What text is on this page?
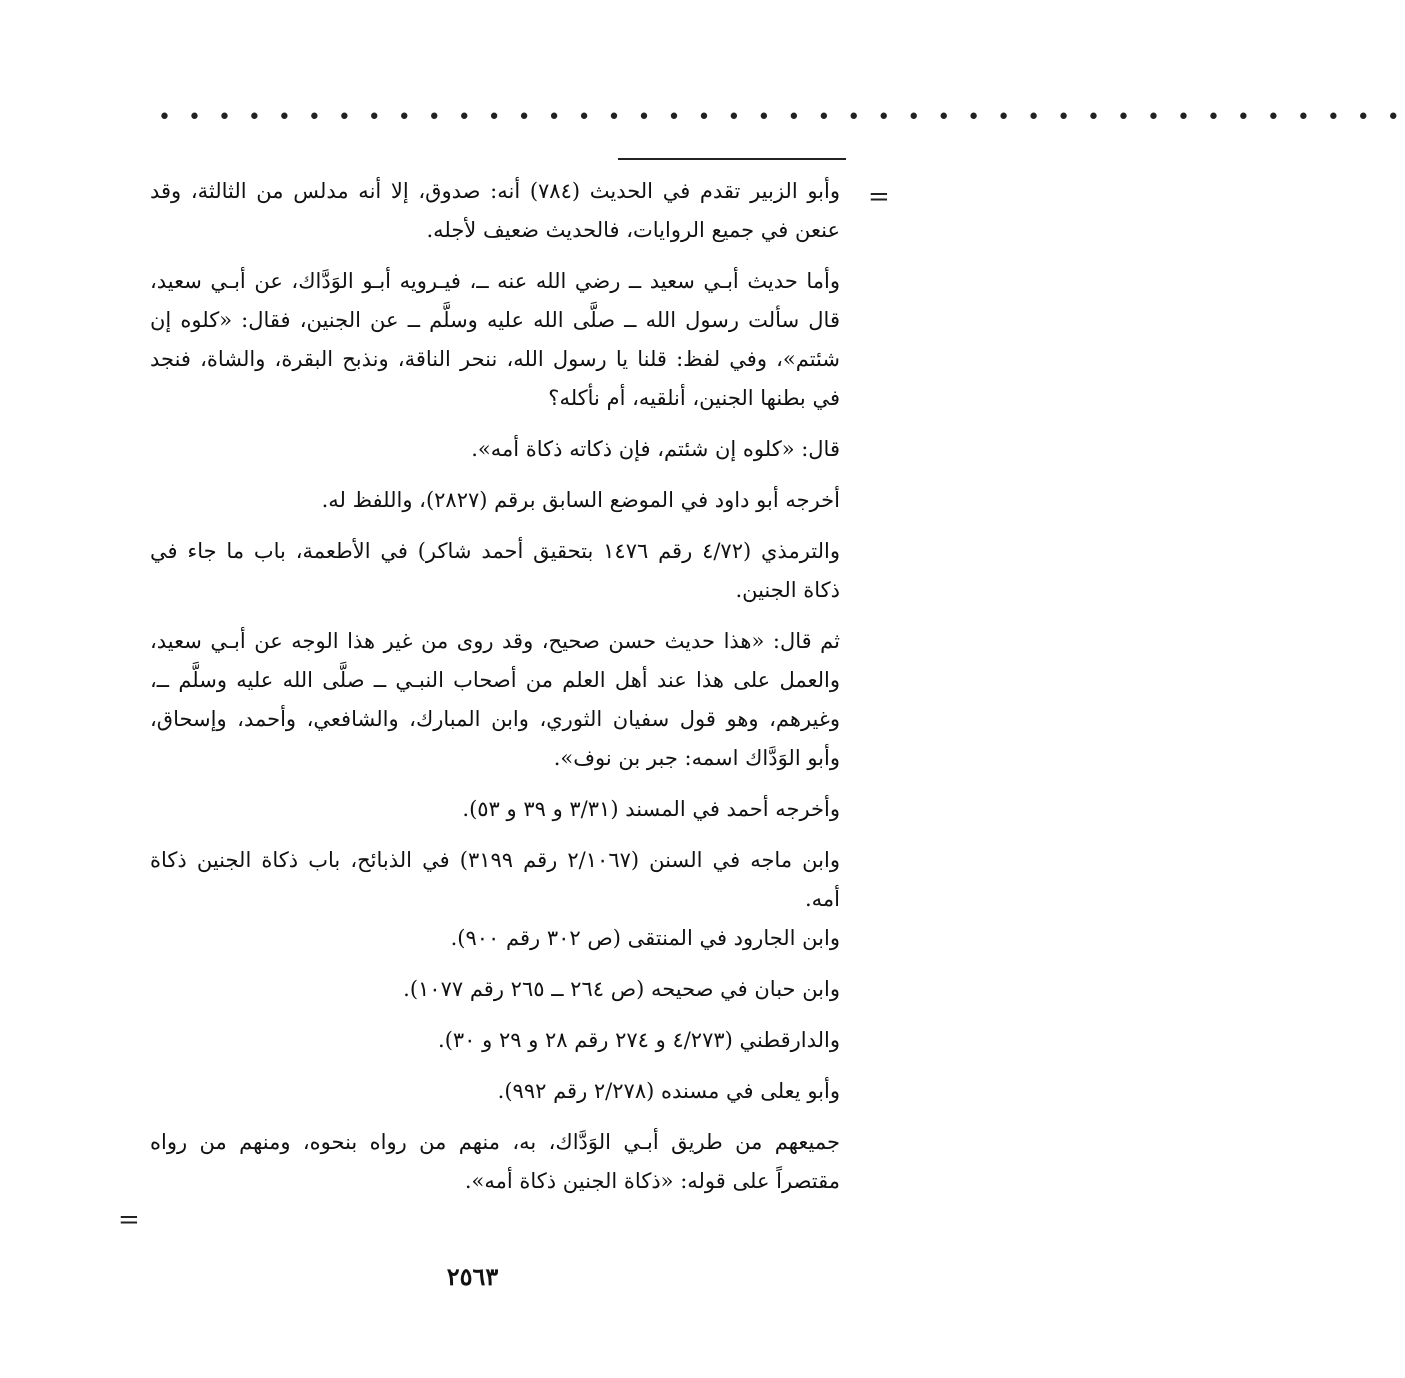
• • • • • • • • • • • • • • • • • • • • • • • • • • • • • • • • • • • • • • • • • •
=

وأبو الزبير تقدم في الحديث (٧٨٤) أنه: صدوق، إلا أنه مدلس من الثالثة، وقد عنعن في جميع الروايات، فالحديث ضعيف لأجله.

وأما حديث أبـي سعيد ــ رضي الله عنه ــ، فيـرويه أبـو الوَدَّاك، عن أبـي سعيد، قال سألت رسول الله ــ صلَّى الله عليه وسلَّم ــ عن الجنين، فقال: «كلوه إن شئتم»، وفي لفظ: قلنا يا رسول الله، ننحر الناقة، ونذبح البقرة، والشاة، فنجد في بطنها الجنين، أنلقيه، أم نأكله؟

قال: «كلوه إن شئتم، فإن ذكاته ذكاة أمه».

أخرجه أبو داود في الموضع السابق برقم (٢٨٢٧)، واللفظ له.

والترمذي (٤/٧٢ رقم ١٤٧٦ بتحقيق أحمد شاكر) في الأطعمة، باب ما جاء في ذكاة الجنين.

ثم قال: «هذا حديث حسن صحيح، وقد روى من غير هذا الوجه عن أبـي سعيد، والعمل على هذا عند أهل العلم من أصحاب النبـي ــ صلَّى الله عليه وسلَّم ــ، وغيرهم، وهو قول سفيان الثوري، وابن المبارك، والشافعي، وأحمد، وإسحاق، وأبو الوَدَّاك اسمه: جبر بن نوف».

وأخرجه أحمد في المسند (٣/٣١ و ٣٩ و ٥٣).

وابن ماجه في السنن (٢/١٠٦٧ رقم ٣١٩٩) في الذبائح، باب ذكاة الجنين ذكاة أمه.

وابن الجارود في المنتقى (ص ٣٠٢ رقم ٩٠٠).

وابن حبان في صحيحه (ص ٢٦٤ ــ ٢٦٥ رقم ١٠٧٧).

والدارقطني (٤/٢٧٣ و ٢٧٤ رقم ٢٨ و ٢٩ و ٣٠).

وأبو يعلى في مسنده (٢/٢٧٨ رقم ٩٩٢).

جميعهم من طريق أبـي الوَدَّاك، به، منهم من رواه بنحوه، ومنهم من رواه مقتصراً على قوله: «ذكاة الجنين ذكاة أمه».

=
٢٥٦٣
